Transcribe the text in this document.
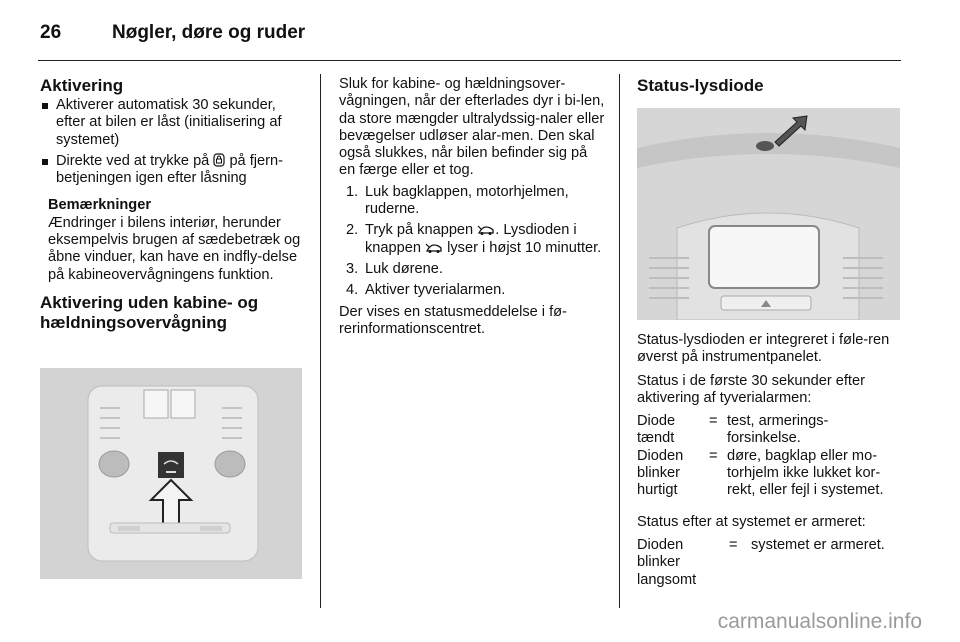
26	Nøgler, døre og ruder
Aktivering
Aktiverer automatisk 30 sekunder, efter at bilen er låst (initialisering af systemet)
Direkte ved at trykke på på fjern-betjeningen igen efter låsning

Bemærkninger

Ændringer i bilens interiør, herunder eksempelvis brugen af sædebetræk og åbne vinduer, kan have en indfly-delse på kabineovervågningens funktion.

Aktivering uden kabine- og hældningsovervågning

Sluk for kabine- og hældningsover-vågningen, når der efterlades dyr i bi-len, da store mængder ultralydssig-naler eller bevægelser udløser alar-men. Den skal også slukkes, når bilen befinder sig på en færge eller et tog.

1. Luk bagklappen, motorhjelmen, ruderne.
2. Tryk på knappen . Lysdioden i knappen lyser i højst 10 minutter.
3. Luk dørene.
4. Aktiver tyverialarmen.

Der vises en statusmeddelelse i fø-rerinformationscentret.

Status-lysdiode

Status-lysdioden er integreret i føle-ren øverst på instrumentpanelet.

Status i de første 30 sekunder efter aktivering af tyverialarmen:

Diode tændt
= test, armerings-forsinkelse.
Dioden blinker hurtigt
= døre, bagklap eller mo-torhjelm ikke lukket kor-rekt, eller fejl i systemet.

Status efter at systemet er armeret:

Dioden blinker langsomt
= systemet er armeret.
carmanualsonline.info
